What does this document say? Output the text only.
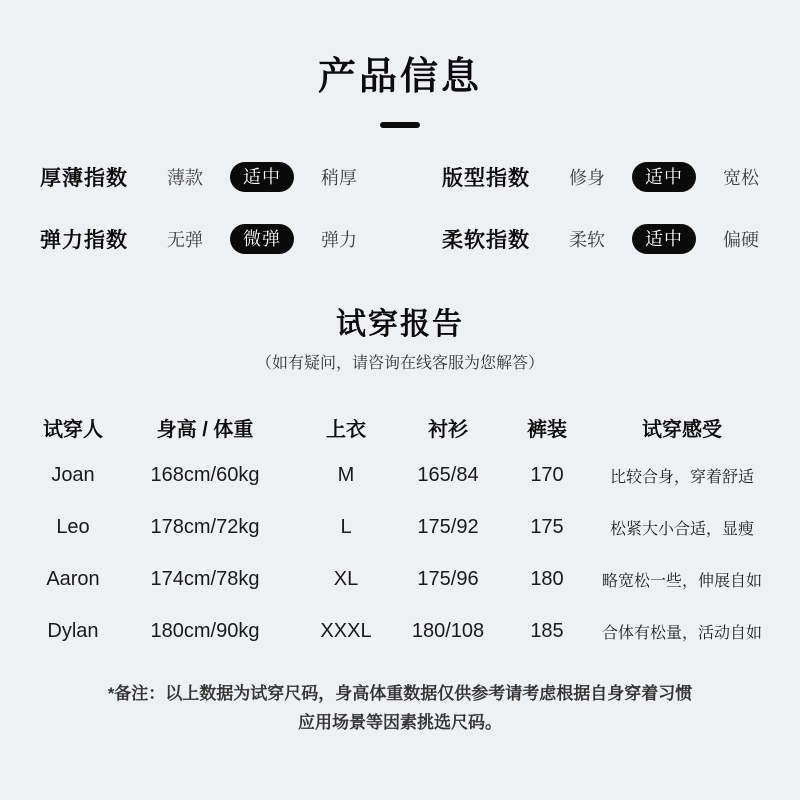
产品信息
厚薄指数	薄款	适中	稍厚	版型指数	修身	适中	宽松
弹力指数	无弹	微弹	弹力	柔软指数	柔软	适中	偏硬
试穿报告
（如有疑问，请咨询在线客服为您解答）
试穿人	身高 / 体重	上衣	衬衫	裤装	试穿感受
Joan	168cm/60kg	M	165/84	170	比较合身，穿着舒适
Leo	178cm/72kg	L	175/92	175	松紧大小合适，显瘦
Aaron	174cm/78kg	XL	175/96	180	略宽松一些，伸展自如
Dylan	180cm/90kg	XXXL	180/108	185	合体有松量，活动自如
*备注：以上数据为试穿尺码，身高体重数据仅供参考请考虑根据自身穿着习惯
应用场景等因素挑选尺码。
